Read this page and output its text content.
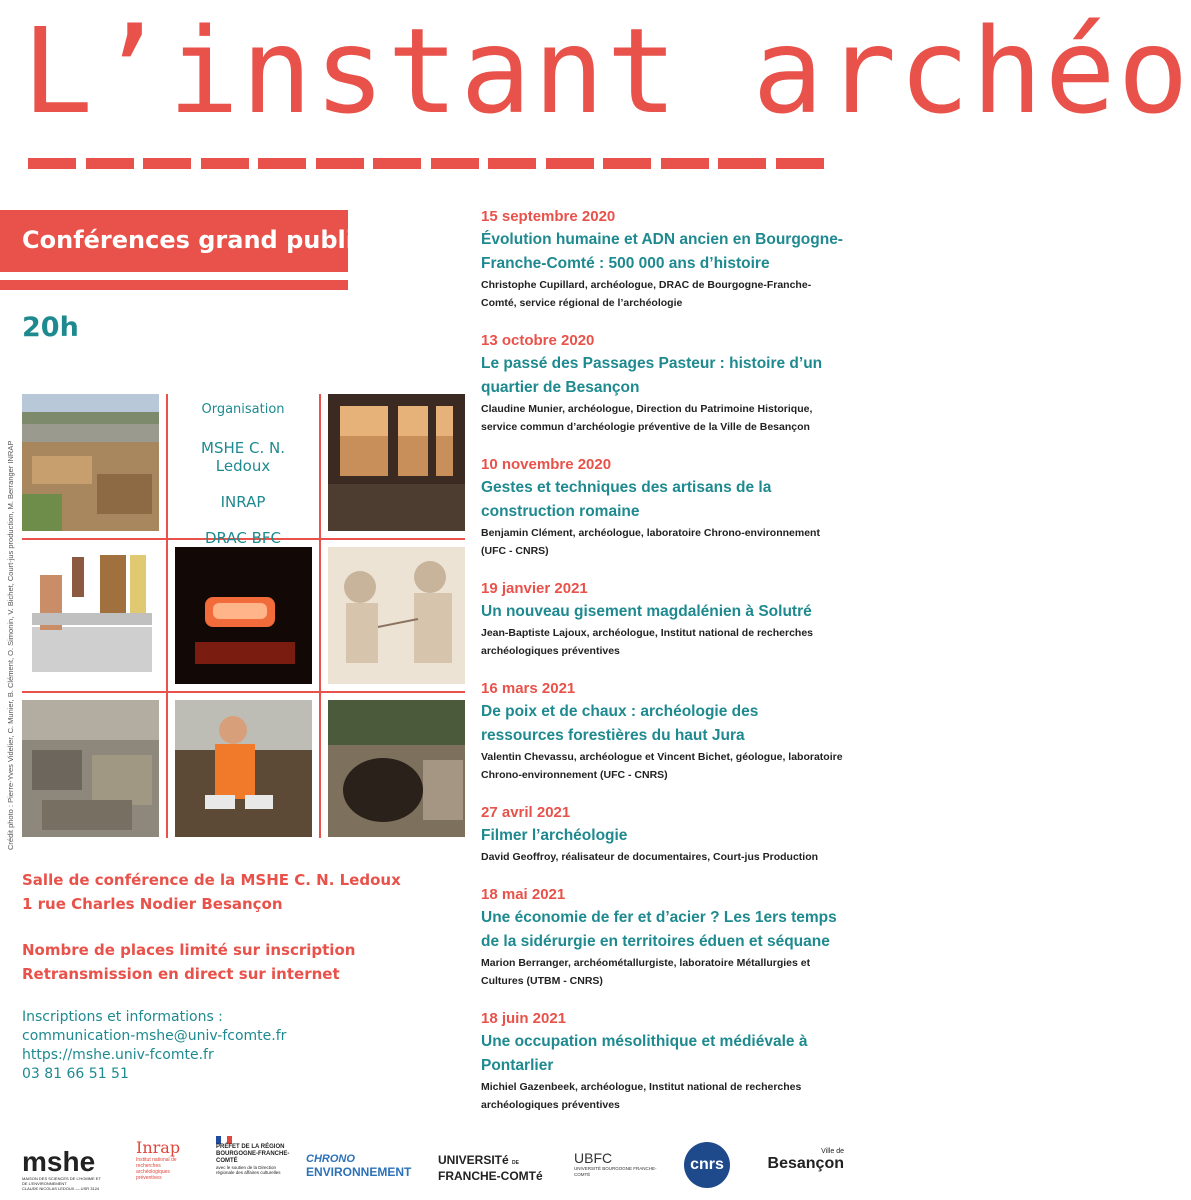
L’instant archéo
Conférences grand public
20h
Organisation
MSHE C. N. Ledoux
INRAP
DRAC BFC
Crédit photo : Pierre-Yves Videlier, C. Munier, B. Clément, O. Simonin, V. Bichet, Court-jus production, M. Berranger INRAP
Salle de conférence de la MSHE C. N. Ledoux
1 rue Charles Nodier Besançon
Nombre de places limité sur inscription
Retransmission en direct sur internet
Inscriptions et informations :
communication-mshe@univ-fcomte.fr
https://mshe.univ-fcomte.fr
03 81 66 51 51
15 septembre 2020
Évolution humaine et ADN ancien en Bourgogne-Franche-Comté : 500 000 ans d’histoire
Christophe Cupillard, archéologue, DRAC de Bourgogne-Franche-Comté, service régional de l’archéologie
13 octobre 2020
Le passé des Passages Pasteur : histoire d’un quartier de Besançon
Claudine Munier, archéologue, Direction du Patrimoine Historique, service commun d’archéologie préventive de la Ville de Besançon
10 novembre 2020
Gestes et techniques des artisans de la construction romaine
Benjamin Clément, archéologue, laboratoire Chrono-environnement (UFC - CNRS)
19 janvier 2021
Un nouveau gisement magdalénien à Solutré
Jean-Baptiste Lajoux, archéologue, Institut national de recherches archéologiques préventives
16 mars 2021
De poix et de chaux : archéologie des ressources forestières du haut Jura
Valentin Chevassu, archéologue et Vincent Bichet, géologue, laboratoire Chrono-environnement (UFC - CNRS)
27 avril 2021
Filmer l’archéologie
David Geoffroy, réalisateur de documentaires, Court-jus Production
18 mai 2021
Une économie de fer et d’acier ? Les 1ers temps de la sidérurgie en territoires éduen et séquane
Marion Berranger, archéométallurgiste, laboratoire Métallurgies et Cultures (UTBM - CNRS)
18 juin 2021
Une occupation mésolithique et médiévale à Pontarlier
Michiel Gazenbeek, archéologue, Institut national de recherches archéologiques préventives
mshe
MAISON DES SCIENCES DE L’HOMME ET DE L’ENVIRONNEMENT
CLAUDE NICOLAS LEDOUX — USR 3124
Inrap
Institut national de recherches archéologiques préventives
PRÉFET DE LA RÉGION BOURGOGNE-FRANCHE-COMTÉ
avec le soutien de la Direction régionale des affaires culturelles
CHRONO
ENVIRONNEMENT
UNIVERSITé DE
FRANCHE-COMTé
UBFC
UNIVERSITÉ BOURGOGNE FRANCHE-COMTÉ
cnrs
Ville de
Besançon
